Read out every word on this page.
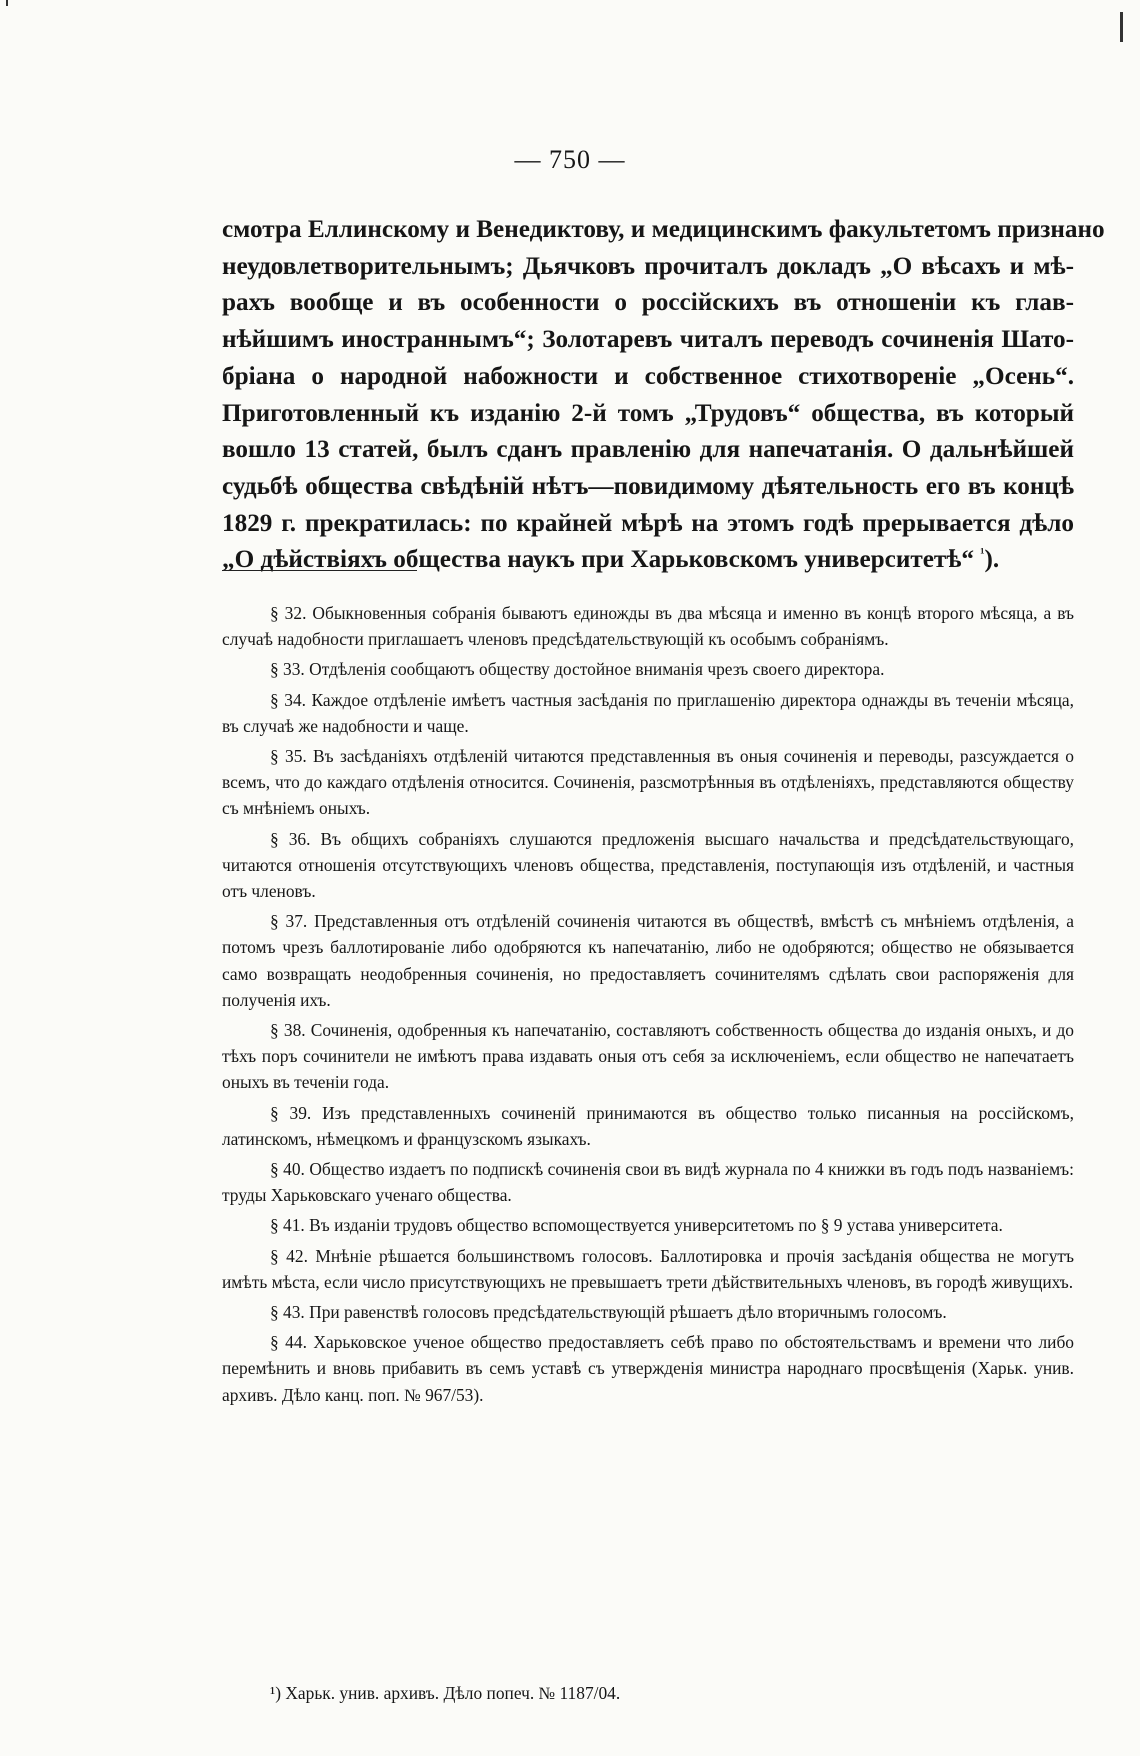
— 750 —
смотра Еллинскому и Венедиктову, и медицинскимъ факультетомъ признано
неудовлетворительнымъ; Дьячковъ прочиталъ докладъ „О вѣсахъ и мѣ-
рахъ вообще и въ особенности о россійскихъ въ отношеніи къ глав-
нѣйшимъ иностраннымъ“; Золотаревъ читалъ переводъ сочиненія Шато-
бріана о народной набожности и собственное стихотвореніе „Осень“.
Приготовленный къ изданію 2-й томъ „Трудовъ“ общества, въ который
вошло 13 статей, былъ сданъ правленію для напечатанія. О дальнѣйшей
судьбѣ общества свѣдѣній нѣтъ—повидимому дѣятельность его въ концѣ
1829 г. прекратилась: по крайней мѣрѣ на этомъ годѣ прерывается дѣло
„О дѣйствіяхъ общества наукъ при Харьковскомъ университетѣ“ $^{^1}$).

§ 32. Обыкновенныя собранія бываютъ единожды въ два мѣсяца и именно въ концѣ второго мѣсяца, а въ случаѣ надобности приглашаетъ членовъ предсѣдательствующій къ особымъ собраніямъ.

§ 33. Отдѣленія сообщаютъ обществу достойное вниманія чрезъ своего директора.

§ 34. Каждое отдѣленіе имѣетъ частныя засѣданія по приглашенію директора однажды въ теченіи мѣсяца, въ случаѣ же надобности и чаще.

§ 35. Въ засѣданіяхъ отдѣленій читаются представленныя въ оныя сочиненія и переводы, разсуждается о всемъ, что до каждаго отдѣленія относится. Сочиненія, разсмотрѣнныя въ отдѣленіяхъ, представляются обществу съ мнѣніемъ оныхъ.

§ 36. Въ общихъ собраніяхъ слушаются предложенія высшаго начальства и предсѣдательствующаго, читаются отношенія отсутствующихъ членовъ общества, представленія, поступающія изъ отдѣленій, и частныя отъ членовъ.

§ 37. Представленныя отъ отдѣленій сочиненія читаются въ обществѣ, вмѣстѣ съ мнѣніемъ отдѣленія, а потомъ чрезъ баллотированіе либо одобряются къ напечатанію, либо не одобряются; общество не обязывается само возвращать неодобренныя сочиненія, но предоставляетъ сочинителямъ сдѣлать свои распоряженія для полученія ихъ.

§ 38. Сочиненія, одобренныя къ напечатанію, составляютъ собственность общества до изданія оныхъ, и до тѣхъ поръ сочинители не имѣютъ права издавать оныя отъ себя за исключеніемъ, если общество не напечатаетъ оныхъ въ теченіи года.

§ 39. Изъ представленныхъ сочиненій принимаются въ общество только писанныя на россійскомъ, латинскомъ, нѣмецкомъ и французскомъ языкахъ.

§ 40. Общество издаетъ по подпискѣ сочиненія свои въ видѣ журнала по 4 книжки въ годъ подъ названіемъ: труды Харьковскаго ученаго общества.

§ 41. Въ изданіи трудовъ общество вспомоществуется университетомъ по § 9 устава университета.

§ 42. Мнѣніе рѣшается большинствомъ голосовъ. Баллотировка и прочія засѣданія общества не могутъ имѣть мѣста, если число присутствующихъ не превышаетъ трети дѣйствительныхъ членовъ, въ городѣ живущихъ.

§ 43. При равенствѣ голосовъ предсѣдательствующій рѣшаетъ дѣло вторичнымъ голосомъ.

§ 44. Харьковское ученое общество предоставляетъ себѣ право по обстоятельствамъ и времени что либо перемѣнить и вновь прибавить въ семъ уставѣ съ утвержденія министра народнаго просвѣщенія (Харьк. унив. архивъ. Дѣло канц. поп. № 967/53).

¹) Харьк. унив. архивъ. Дѣло попеч. № 1187/04.
